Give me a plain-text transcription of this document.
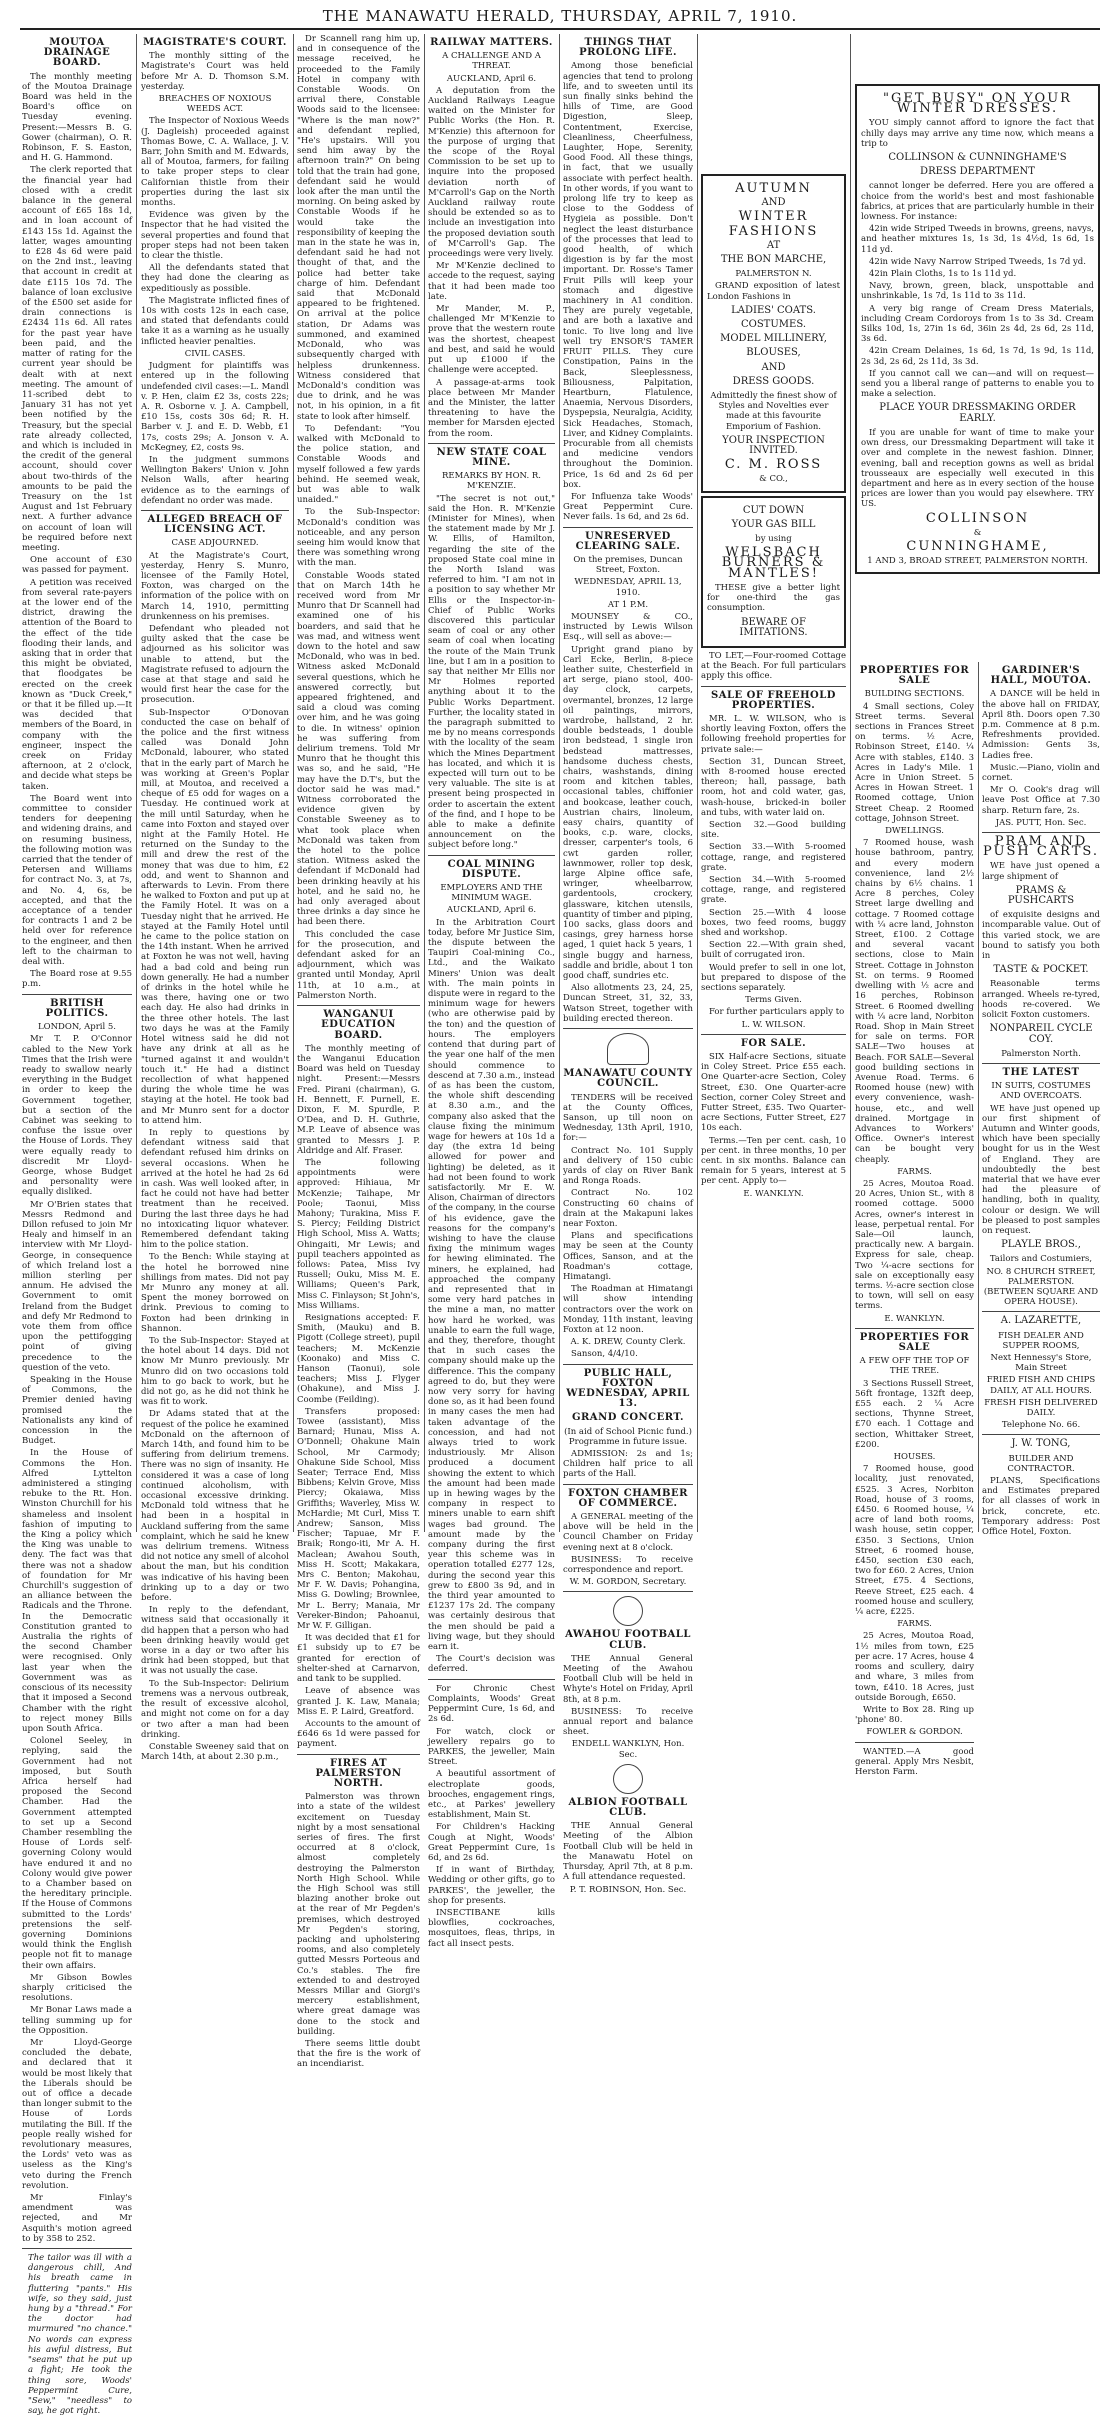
THE MANAWATU HERALD, THURSDAY, APRIL 7, 1910.
MOUTOA DRAINAGE BOARD.

The monthly meeting of the Moutoa Drainage Board was held in the Board's office on Tuesday evening. Present:—Messrs B. G. Gower (chairman), O. R. Robinson, F. S. Easton, and H. G. Hammond.

The clerk reported that the financial year had closed with a credit balance in the general account of £65 18s 1d, and in loan account of £143 15s 1d. Against the latter, wages amounting to £28 4s 6d were paid on the 2nd inst., leaving that account in credit at date £115 10s 7d. The balance of loan exclusive of the £500 set aside for drain connections is £2434 11s 6d. All rates for the past year have been paid, and the matter of rating for the current year should be dealt with at next meeting. The amount of 11-scribed debt to January 31 has not yet been notified by the Treasury, but the special rate already collected, and which is included in the credit of the general account, should cover about two-thirds of the amounts to be paid the Treasury on the 1st August and 1st February next. A further advance on account of loan will be required before next meeting.

One account of £30 was passed for payment.

A petition was received from several rate-payers at the lower end of the district, drawing the attention of the Board to the effect of the tide flooding their lands, and asking that in order that this might be obviated, that floodgates be erected on the creek known as "Duck Creek," or that it be filled up.—It was decided that members of the Board, in company with the engineer, inspect the creek on Friday afternoon, at 2 o'clock, and decide what steps be taken.

The Board went into committee to consider tenders for deepening and widening drains, and on resuming business, the following motion was carried that the tender of Petersen and Williams for contract No. 3, at 7s, and No. 4, 6s, be accepted, and that the acceptance of a tender for contracts 1 and 2 be held over for reference to the engineer, and then left to the chairman to deal with.

The Board rose at 9.55 p.m.

BRITISH POLITICS.

LONDON, April 5.

Mr T. P. O'Connor cabled to the New York Times that the Irish were ready to swallow nearly everything in the Budget in order to keep the Government together, but a section of the Cabinet was seeking to confuse the issue over the House of Lords. They were equally ready to discredit Mr Lloyd-George, whose Budget and personality were equally disliked.

Mr O'Brien states that Messrs Redmond and Dillon refused to join Mr Healy and himself in an interview with Mr Lloyd-George, in consequence of which Ireland lost a million sterling per annum. He advised the Government to omit Ireland from the Budget and defy Mr Redmond to vote them from office upon the pettifogging point of giving precedence to the question of the veto.

Speaking in the House of Commons, the Premier denied having promised the Nationalists any kind of concession in the Budget.

In the House of Commons the Hon. Alfred Lyttelton administered a stinging rebuke to the Rt. Hon. Winston Churchill for his shameless and insolent fashion of imputing to the King a policy which the King was unable to deny. The fact was that there was not a shadow of foundation for Mr Churchill's suggestion of an alliance between the Radicals and the Throne. In the Democratic Constitution granted to Australia the rights of the second Chamber were recognised. Only last year when the Government was as conscious of its necessity that it imposed a Second Chamber with the right to reject money Bills upon South Africa.

Colonel Seeley, in replying, said the Government had not imposed, but South Africa herself had proposed the Second Chamber. Had the Government attempted to set up a Second Chamber resembling the House of Lords self-governing Colony would have endured it and no Colony would give power to a Chamber based on the hereditary principle. If the House of Commons submitted to the Lords' pretensions the self-governing Dominions would think the English people not fit to manage their own affairs.

Mr Gibson Bowles sharply criticised the resolutions.

Mr Bonar Laws made a telling summing up for the Opposition.

Mr Lloyd-George concluded the debate, and declared that it would be most likely that the Liberals should be out of office a decade than longer submit to the House of Lords mutilating the Bill. If the people really wished for revolutionary measures, the Lords' veto was as useless as the King's veto during the French revolution.

Mr Finlay's amendment was rejected, and Mr Asquith's motion agreed to by 358 to 252.

The tailor was ill with a dangerous chill, And his breath came in fluttering "pants." His wife, so they said, just hung by a "thread." For the doctor had murmured "no chance." No words can express his awful distress, But "seams" that he put up a fight; He took the thing sore, Woods' Peppermint Cure, "Sew," "needless" to say, he got right.

MAGISTRATE'S COURT.

The monthly sitting of the Magistrate's Court was held before Mr A. D. Thomson S.M. yesterday.

BREACHES OF NOXIOUS WEEDS ACT.

The Inspector of Noxious Weeds (J. Dagleish) proceeded against Thomas Bowe, C. A. Wallace, J. V. Barr, John Smith and M. Edwards, all of Moutoa, farmers, for failing to take proper steps to clear Californian thistle from their properties during the last six months.

Evidence was given by the Inspector that he had visited the several properties and found that proper steps had not been taken to clear the thistle.

All the defendants stated that they had done the clearing as expeditiously as possible.

The Magistrate inflicted fines of 10s with costs 12s in each case, and stated that defendants could take it as a warning as he usually inflicted heavier penalties.

CIVIL CASES.

Judgment for plaintiffs was entered up in the following undefended civil cases:—L. Mandl v. P. Hen, claim £2 3s, costs 22s; A. R. Osborne v. J. A. Campbell, £10 15s, costs 30s 6d; R. H. Barber v. J. and E. D. Webb, £1 17s, costs 29s; A. Jonson v. A. McKegney, £2, costs 9s.

In the judgment summons Wellington Bakers' Union v. John Nelson Walls, after hearing evidence as to the earnings of defendant no order was made.

ALLEGED BREACH OF LICENSING ACT.
CASE ADJOURNED.

At the Magistrate's Court, yesterday, Henry S. Munro, licensee of the Family Hotel, Foxton, was charged on the information of the police with on March 14, 1910, permitting drunkenness on his premises.

Defendant who pleaded not guilty asked that the case be adjourned as his solicitor was unable to attend, but the Magistrate refused to adjourn the case at that stage and said he would first hear the case for the prosecution.

Sub-Inspector O'Donovan conducted the case on behalf of the police and the first witness called was Donald John McDonald, labourer, who stated that in the early part of March he was working at Green's Poplar mill, at Moutoa, and received a cheque of £5 odd for wages on a Tuesday. He continued work at the mill until Saturday, when he came into Foxton and stayed over night at the Family Hotel. He returned on the Sunday to the mill and drew the rest of the money that was due to him, £2 odd, and went to Shannon and afterwards to Levin. From there he walked to Foxton and put up at the Family Hotel. It was on a Tuesday night that he arrived. He stayed at the Family Hotel until he came to the police station on the 14th instant. When he arrived at Foxton he was not well, having had a bad cold and being run down generally. He had a number of drinks in the hotel while he was there, having one or two each day. He also had drinks in the three other hotels. The last two days he was at the Family Hotel witness said he did not have any drink at all as he "turned against it and wouldn't touch it." He had a distinct recollection of what happened during the whole time he was staying at the hotel. He took bad and Mr Munro sent for a doctor to attend him.

In reply to questions by defendant witness said that defendant refused him drinks on several occasions. When he arrived at the hotel he had 2s 6d in cash. Was well looked after, in fact he could not have had better treatment than he received. During the last three days he had no intoxicating liquor whatever. Remembered defendant taking him to the police station.

To the Bench: While staying at the hotel he borrowed nine shillings from mates. Did not pay Mr Munro any money at all. Spent the money borrowed on drink. Previous to coming to Foxton had been drinking in Shannon.

To the Sub-Inspector: Stayed at the hotel about 14 days. Did not know Mr Munro previously. Mr Munro did on two occasions told him to go back to work, but he did not go, as he did not think he was fit to work.

Dr Adams stated that at the request of the police he examined McDonald on the afternoon of March 14th, and found him to be suffering from delirium tremens. There was no sign of insanity. He considered it was a case of long continued alcoholism, with occasional excessive drinking. McDonald told witness that he had been in a hospital in Auckland suffering from the same complaint, which he said he knew was delirium tremens. Witness did not notice any smell of alcohol about the man, but his condition was indicative of his having been drinking up to a day or two before.

In reply to the defendant, witness said that occasionally it did happen that a person who had been drinking heavily would get worse in a day or two after his drink had been stopped, but that it was not usually the case.

To the Sub-Inspector: Delirium tremens was a nervous outbreak, the result of excessive alcohol, and might not come on for a day or two after a man had been drinking.

Constable Sweeney said that on March 14th, at about 2.30 p.m.,

Dr Scannell rang him up, and in consequence of the message received, he proceeded to the Family Hotel in company with Constable Woods. On arrival there, Constable Woods said to the licensee: "Where is the man now?" and defendant replied, "He's upstairs. Will you send him away by the afternoon train?" On being told that the train had gone, defendant said he would look after the man until the morning. On being asked by Constable Woods if he would take the responsibility of keeping the man in the state he was in, defendant said he had not thought of that, and the police had better take charge of him. Defendant said that McDonald appeared to be frightened. On arrival at the police station, Dr Adams was summoned, and examined McDonald, who was subsequently charged with helpless drunkenness. Witness considered that McDonald's condition was due to drink, and he was not, in his opinion, in a fit state to look after himself.

To Defendant: "You walked with McDonald to the police station, and Constable Woods and myself followed a few yards behind. He seemed weak, but was able to walk unaided."

To the Sub-Inspector: McDonald's condition was noticeable, and any person seeing him would know that there was something wrong with the man.

Constable Woods stated that on March 14th he received word from Mr Munro that Dr Scannell had examined one of his boarders, and said that he was mad, and witness went down to the hotel and saw McDonald, who was in bed. Witness asked McDonald several questions, which he answered correctly, but appeared frightened, and said a cloud was coming over him, and he was going to die. In witness' opinion he was suffering from delirium tremens. Told Mr Munro that he thought this was so, and he said, "He may have the D.T's, but the doctor said he was mad." Witness corroborated the evidence given by Constable Sweeney as to what took place when McDonald was taken from the hotel to the police station. Witness asked the defendant if McDonald had been drinking heavily at his hotel, and he said no, he had only averaged about three drinks a day since he had been there.

This concluded the case for the prosecution, and defendant asked for an adjournment, which was granted until Monday, April 11th, at 10 a.m., at Palmerston North.

WANGANUI EDUCATION BOARD.

The monthly meeting of the Wanganui Education Board was held on Tuesday night. Present:—Messrs Fred. Pirani (chairman), G. H. Bennett, F. Purnell, E. Dixon, F. M. Spurdle, P. O'Dea, and D. H. Guthrie, M.P. Leave of absence was granted to Messrs J. P. Aldridge and Alf. Fraser.

The following appointments were approved: Hihiaua, Mr McKenzie; Taihape, Mr Poole; Taonui, Miss Mahony; Turakina, Miss F. S. Piercy; Feilding District High School, Miss A. Watts; Ohingaiti, Mr Lewis; and pupil teachers appointed as follows: Patea, Miss Ivy Russell; Ouku, Miss M. E. Williams; Queen's Park, Miss C. Finlayson; St John's, Miss Williams.

Resignations accepted: F. Smith, (Mauku) and B. Pigott (College street), pupil teachers; M. McKenzie (Koonako) and Miss C. Hanson (Taonui), sole teachers; Miss J. Flyger (Ohakune), and Miss J. Coombe (Feilding).

Transfers proposed: Towee (assistant), Miss Barnard; Hunau, Miss A. O'Donnell; Ohakune Main School, Mr Carmody; Ohakune Side School, Miss Seater; Terrace End, Miss Bibbens; Kelvin Grove, Miss Piercy; Okaiawa, Miss Griffiths; Waverley, Miss W. McHardie; Mt Curl, Miss T. Andrew; Sanson, Miss Fischer; Tapuae, Mr F. Braik; Rongo-iti, Mr A. H. Maclean; Awahou South, Miss H. Scott; Makakara, Mrs C. Benton; Makohau, Mr F. W. Davis; Pohangina, Miss G. Dowling; Brownlee, Mr L. Berry; Manaia, Mr Vereker-Bindon; Pahoanui, Mr W. F. Gilligan.

It was decided that £1 for £1 subsidy up to £7 be granted for erection of shelter-shed at Carnarvon, and tank to be supplied.

Leave of absence was granted J. K. Law, Manaia; Miss E. P. Laird, Greatford.

Accounts to the amount of £646 6s 1d were passed for payment.

FIRES AT PALMERSTON NORTH.

Palmerston was thrown into a state of the wildest excitement on Tuesday night by a most sensational series of fires. The first occurred at 8 o'clock, almost completely destroying the Palmerston North High School. While the High School was still blazing another broke out at the rear of Mr Pegden's premises, which destroyed Mr Pegden's storing, packing and upholstering rooms, and also completely gutted Messrs Porteous and Co.'s stables. The fire extended to and destroyed Messrs Millar and Giorgi's mercery establishment, where great damage was done to the stock and building.

There seems little doubt that the fire is the work of an incendiarist.

RAILWAY MATTERS.
A CHALLENGE AND A THREAT.

AUCKLAND, April 6.

A deputation from the Auckland Railways League waited on the Minister for Public Works (the Hon. R. M'Kenzie) this afternoon for the purpose of urging that the scope of the Royal Commission to be set up to inquire into the proposed deviation north of M'Carroll's Gap on the North Auckland railway route should be extended so as to include an investigation into the proposed deviation south of M'Carroll's Gap. The proceedings were very lively.

Mr M'Kenzie declined to accede to the request, saying that it had been made too late.

Mr Mander, M. P., challenged Mr M'Kenzie to prove that the western route was the shortest, cheapest and best, and said he would put up £1000 if the challenge were accepted.

A passage-at-arms took place between Mr Mander and the Minister, the latter threatening to have the member for Marsden ejected from the room.

NEW STATE COAL MINE.
REMARKS BY HON. R. M'KENZIE.

"The secret is not out," said the Hon. R. M'Kenzie (Minister for Mines), when the statement made by Mr J. W. Ellis, of Hamilton, regarding the site of the proposed State coal mine in the North Island was referred to him. "I am not in a position to say whether Mr Ellis or the Inspector-in-Chief of Public Works discovered this particular seam of coal or any other seam of coal when locating the route of the Main Trunk line, but I am in a position to say that neither Mr Ellis nor Mr Holmes reported anything about it to the Public Works Department. Further, the locality stated in the paragraph submitted to me by no means corresponds with the locality of the seam which the Mines Department has located, and which it is expected will turn out to be very valuable. The site is at present being prospected in order to ascertain the extent of the find, and I hope to be able to make a definite announcement on the subject before long."

COAL MINING DISPUTE.
EMPLOYERS AND THE MINIMUM WAGE.

AUCKLAND, April 6.

In the Arbitration Court today, before Mr Justice Sim, the dispute between the Taupiri Coal-mining Co., Ltd., and the Waikato Miners' Union was dealt with. The main points in dispute were in regard to the minimum wage for hewers (who are otherwise paid by the ton) and the question of hours. The employers contend that during part of the year one half of the men should commence to descend at 7.30 a.m., instead of as has been the custom, the whole shift descending at 8.30 a.m., and the company also asked that the clause fixing the minimum wage for hewers at 10s 1d a day (the extra 1d being allowed for power and lighting) be deleted, as it had not been found to work satisfactorily. Mr E. W. Alison, Chairman of directors of the company, in the course of his evidence, gave the reasons for the company's wishing to have the clause fixing the minimum wages for hewing eliminated. The miners, he explained, had approached the company and represented that in some very hard patches in the mine a man, no matter how hard he worked, was unable to earn the full wage, and they, therefore, thought that in such cases the company should make up the difference. This the company agreed to do, but they were now very sorry for having done so, as it had been found in many cases the men had taken advantage of the concession, and had not always tried to work industriously. Mr Alison produced a document showing the extent to which the amount had been made up in hewing wages by the company in respect to miners unable to earn shift wages bad ground. The amount made by the company during the first year this scheme was in operation totalled £277 12s, during the second year this grew to £800 3s 9d, and in the third year amounted to £1237 17s 2d. The company was certainly desirous that the men should be paid a living wage, but they should earn it.

The Court's decision was deferred.

For Chronic Chest Complaints, Woods' Great Peppermint Cure, 1s 6d, and 2s 6d.

For watch, clock or jewellery repairs go to PARKES, the jeweller, Main Street.

A beautiful assortment of electroplate goods, brooches, engagement rings, etc., at Parkes' jewellery establishment, Main St.

For Children's Hacking Cough at Night, Woods' Great Peppermint Cure, 1s 6d, and 2s 6d.

If in want of Birthday, Wedding or other gifts, go to PARKES', the jeweller, the shop for presents.

INSECTIBANE kills blowflies, cockroaches, mosquitoes, fleas, thrips, in fact all insect pests.

THINGS THAT PROLONG LIFE.

Among those beneficial agencies that tend to prolong life, and to sweeten until its sun finally sinks behind the hills of Time, are Good Digestion, Sleep, Contentment, Exercise, Cleanliness, Cheerfulness, Laughter, Hope, Serenity, Good Food. All these things, in fact, that we usually associate with perfect health. In other words, if you want to prolong life try to keep as close to the Goddess of Hygieia as possible. Don't neglect the least disturbance of the processes that lead to good health, of which digestion is by far the most important. Dr. Rosse's Tamer Fruit Pills will keep your stomach and digestive machinery in A1 condition. They are purely vegetable, and are both a laxative and tonic. To live long and live well try ENSOR'S TAMER FRUIT PILLS. They cure Constipation, Pains in the Back, Sleeplessness, Biliousness, Palpitation, Heartburn, Flatulence, Anaemia, Nervous Disorders, Dyspepsia, Neuralgia, Acidity, Sick Headaches, Stomach, Liver, and Kidney Complaints. Procurable from all chemists and medicine vendors throughout the Dominion. Price, 1s 6d and 2s 6d per box.

For Influenza take Woods' Great Peppermint Cure. Never fails. 1s 6d, and 2s 6d.

UNRESERVED CLEARING SALE.

On the premises, Duncan Street, Foxton.

WEDNESDAY, APRIL 13, 1910.

AT 1 P.M.

MOUNSEY & CO., instructed by Lewis Wilson Esq., will sell as above:—

Upright grand piano by Carl Ecke, Berlin, 8-piece leather suite, Chesterfield in art serge, piano stool, 400-day clock, carpets, overmantel, bronzes, 12 large oil paintings, mirrors, wardrobe, hallstand, 2 hr. double bedsteads, 1 double iron bedstead, 1 single iron bedstead mattresses, handsome duchess chests, chairs, washstands, dining room and kitchen tables, occasional tables, chiffonier and bookcase, leather couch, Austrian chairs, linoleum, easy chairs, quantity of books, c.p. ware, clocks, dresser, carpenter's tools, 6 cwt garden roller, lawnmower, roller top desk, large Alpine office safe, wringer, wheelbarrow, gardentools, crockery, glassware, kitchen utensils, quantity of timber and piping, 100 sacks, glass doors and casings, grey harness horse aged, 1 quiet hack 5 years, 1 single buggy and harness, saddle and bridle, about 1 ton good chaff, sundries etc.

Also allotments 23, 24, 25, Duncan Street, 31, 32, 33, Watson Street, together with building erected thereon.

MANAWATU COUNTY COUNCIL.

TENDERS will be received at the County Offices, Sanson, up till noon on Wednesday, 13th April, 1910, for:—

Contract No. 101 Supply and delivery of 150 cubic yards of clay on River Bank and Ronga Roads.

Contract No. 102 Constructing 60 chains of drain at the Makapuni lakes near Foxton.

Plans and specifications may be seen at the County Offices, Sanson, and at the Roadman's cottage, Himatangi.

The Roadman at Himatangi will show intending contractors over the work on Monday, 11th instant, leaving Foxton at 12 noon.

A. K. DREW, County Clerk.

Sanson, 4/4/10.

PUBLIC HALL, FOXTON WEDNESDAY, APRIL 13.
GRAND CONCERT.

(In aid of School Picnic fund.) Programme in future issue.

ADMISSION: 2s and 1s; Children half price to all parts of the Hall.

FOXTON CHAMBER OF COMMERCE.

A GENERAL meeting of the above will be held in the Council Chamber on Friday evening next at 8 o'clock.

BUSINESS: To receive correspondence and report.

W. M. GORDON, Secretary.

AWAHOU FOOTBALL CLUB.

THE Annual General Meeting of the Awahou Football Club will be held in Whyte's Hotel on Friday, April 8th, at 8 p.m.

BUSINESS: To receive annual report and balance sheet.

ENDELL WANKLYN, Hon. Sec.

ALBION FOOTBALL CLUB.

THE Annual General Meeting of the Albion Football Club will be held in the Manawatu Hotel on Thursday, April 7th, at 8 p.m. A full attendance requested.

P. T. ROBINSON, Hon. Sec.

AUTUMN
AND
WINTER
FASHIONS
AT
THE BON MARCHE,

PALMERSTON N.

GRAND exposition of latest London Fashions in

LADIES' COATS.
COSTUMES.
MODEL MILLINERY,
BLOUSES,
AND
DRESS GOODS.

Admittedly the finest show of Styles and Novelties ever made at this favourite Emporium of Fashion.

YOUR INSPECTION INVITED.
C. M. ROSS

& CO.,

CUT DOWN
YOUR GAS BILL

by using

WELSBACH BURNERS & MANTLES!

THESE give a better light for one-third the gas consumption.

BEWARE OF IMITATIONS.

TO LET,—Four-roomed Cottage at the Beach. For full particulars apply this office.

SALE OF FREEHOLD PROPERTIES.

MR. L. W. WILSON, who is shortly leaving Foxton, offers the following freehold properties for private sale:—

Section 31, Duncan Street, with 8-roomed house erected thereon; hall, passage, bath room, hot and cold water, gas, wash-house, bricked-in boiler and tubs, with water laid on.

Section 32.—Good building site.

Section 33.—With 5-roomed cottage, range, and registered grate.

Section 34.—With 5-roomed cottage, range, and registered grate.

Section 25.—With 4 loose boxes, two feed rooms, buggy shed and workshop.

Section 22.—With grain shed, built of corrugated iron.

Would prefer to sell in one lot, but prepared to dispose of the sections separately.

Terms Given.

For further particulars apply to

L. W. WILSON.

FOR SALE.

SIX Half-acre Sections, situate in Coley Street. Price £55 each. One Quarter-acre Section, Coley Street, £30. One Quarter-acre Section, corner Coley Street and Futter Street, £35. Two Quarter-acre Sections, Futter Street, £27 10s each.

Terms.—Ten per cent. cash, 10 per cent. in three months, 10 per cent. in six months. Balance can remain for 5 years, interest at 5 per cent. Apply to—

E. WANKLYN.

"GET BUSY" ON YOUR WINTER DRESSES.

YOU simply cannot afford to ignore the fact that chilly days may arrive any time now, which means a trip to

COLLINSON & CUNNINGHAME'S
DRESS DEPARTMENT

cannot longer be deferred. Here you are offered a choice from the world's best and most fashionable fabrics, at prices that are particularly humble in their lowness. For instance:

42in wide Striped Tweeds in browns, greens, navys, and heather mixtures 1s, 1s 3d, 1s 4½d, 1s 6d, 1s 11d yd.

42in wide Navy Narrow Striped Tweeds, 1s 7d yd.

42in Plain Cloths, 1s to 1s 11d yd.

Navy, brown, green, black, unspottable and unshrinkable, 1s 7d, 1s 11d to 3s 11d.

A very big range of Cream Dress Materials, including Cream Cordoroys from 1s to 3s 3d. Cream Silks 10d, 1s, 27in 1s 6d, 36in 2s 4d, 2s 6d, 2s 11d, 3s 6d.

42in Cream Delaines, 1s 6d, 1s 7d, 1s 9d, 1s 11d, 2s 3d, 2s 6d, 2s 11d, 3s 3d.

If you cannot call we can—and will on request—send you a liberal range of patterns to enable you to make a selection.

PLACE YOUR DRESSMAKING ORDER EARLY.

If you are unable for want of time to make your own dress, our Dressmaking Department will take it over and complete in the newest fashion. Dinner, evening, ball and reception gowns as well as bridal trousseaux are especially well executed in this department and here as in every section of the house prices are lower than you would pay elsewhere. TRY US.

COLLINSON

&

CUNNINGHAME,

1 AND 3, BROAD STREET, PALMERSTON NORTH.

PROPERTIES FOR SALE
BUILDING SECTIONS.

4 Small sections, Coley Street terms. Several sections in Frances Street on terms. ½ Acre, Robinson Street, £140. ¼ Acre with stables, £140. 3 Acres in Lady's Mile. 1 Acre in Union Street. 5 Acres in Howan Street. 1 Roomed cottage, Union Street Cheap. 2 Roomed cottage, Johnson Street.

DWELLINGS.

7 Roomed house, wash house bathroom, pantry, and every modern convenience, land 2½ chains by 6½ chains. 1 Acre 8 perches, Coley Street large dwelling and cottage. 7 Roomed cottage with ¼ acre land, Johnston Street, £100. 2 Cottage and several vacant sections, close to Main Street. Cottage in Johnston St. on terms. 9 Roomed dwelling with ½ acre and 16 perches, Robinson Street. 6 Roomed dwelling with ¼ acre land, Norbiton Road. Shop in Main Street for sale on terms. FOR SALE—Two houses at Beach. FOR SALE—Several good building sections in Avenue Road. Terms. 6 Roomed house (new) with every convenience, wash-house, etc., and well drained. Mortgage in Advances to Workers' Office. Owner's interest can be bought very cheaply.

FARMS.

25 Acres, Moutoa Road. 20 Acres, Union St., with 8 roomed cottage. 5000 Acres, owner's interest in lease, perpetual rental. For Sale—Oil launch, practically new. A bargain. Express for sale, cheap. Two ¼-acre sections for sale on exceptionally easy terms. ½-acre section close to town, will sell on easy terms.

E. WANKLYN.

PROPERTIES FOR SALE
A FEW OFF THE TOP OF THE TREE.

3 Sections Russell Street, 56ft frontage, 132ft deep, £55 each. 2 ¼ Acre sections, Thynne Street, £70 each. 1 Cottage and section, Whittaker Street, £200.

HOUSES.

7 Roomed house, good locality, just renovated, £525. 3 Acres, Norbiton Road, house of 3 rooms, £450. 6 Roomed house, ¼ acre of land both rooms, wash house, setin copper, £350. 3 Sections, Union Street, 6 roomed house, £450, section £30 each, two for £60. 2 Acres, Union Street, £75. 4 Sections, Reeve Street, £25 each. 4 roomed house and scullery, ¼ acre, £225.

FARMS.

25 Acres, Moutoa Road, 1½ miles from town, £25 per acre. 17 Acres, house 4 rooms and scullery, dairy and whare, 3 miles from town, £410. 18 Acres, just outside Borough, £650.

Write to Box 28. Ring up 'phone' 80.

FOWLER & GORDON.

WANTED.—A good general. Apply Mrs Nesbit, Herston Farm.

GARDINER'S HALL, MOUTOA.

A DANCE will be held in the above hall on FRIDAY, April 8th. Doors open 7.30 p.m. Commence at 8 p.m. Refreshments provided. Admission: Gents 3s, Ladies free.

Music.—Piano, violin and cornet.

Mr O. Cook's drag will leave Post Office at 7.30 sharp. Return fare, 2s.

JAS. PUTT, Hon. Sec.

PRAM AND PUSH CARTS.

WE have just opened a large shipment of

PRAMS & PUSHCARTS

of exquisite designs and incomparable value. Out of this varied stock, we are bound to satisfy you both in

TASTE & POCKET.

Reasonable terms arranged. Wheels re-tyred, hoods re-covered. We solicit Foxton customers.

NONPAREIL CYCLE COY.

Palmerston North.

THE LATEST
IN SUITS, COSTUMES AND OVERCOATS.

WE have just opened up our first shipment of Autumn and Winter goods, which have been specially bought for us in the West of England. They are undoubtedly the best material that we have ever had the pleasure of handling, both in quality, colour or design. We will be pleased to post samples on request.

PLAYLE BROS.,

Tailors and Costumiers,

NO. 8 CHURCH STREET, PALMERSTON. (BETWEEN SQUARE AND OPERA HOUSE).

A. LAZARETTE,
FISH DEALER AND SUPPER ROOMS,

Next Hennessy's Store, Main Street

FRIED FISH AND CHIPS DAILY, AT ALL HOURS.

FRESH FISH DELIVERED DAILY.

Telephone No. 66.

J. W. TONG,
BUILDER AND CONTRACTOR.

PLANS, Specifications and Estimates prepared for all classes of work in brick, concrete, etc. Temporary address: Post Office Hotel, Foxton.
